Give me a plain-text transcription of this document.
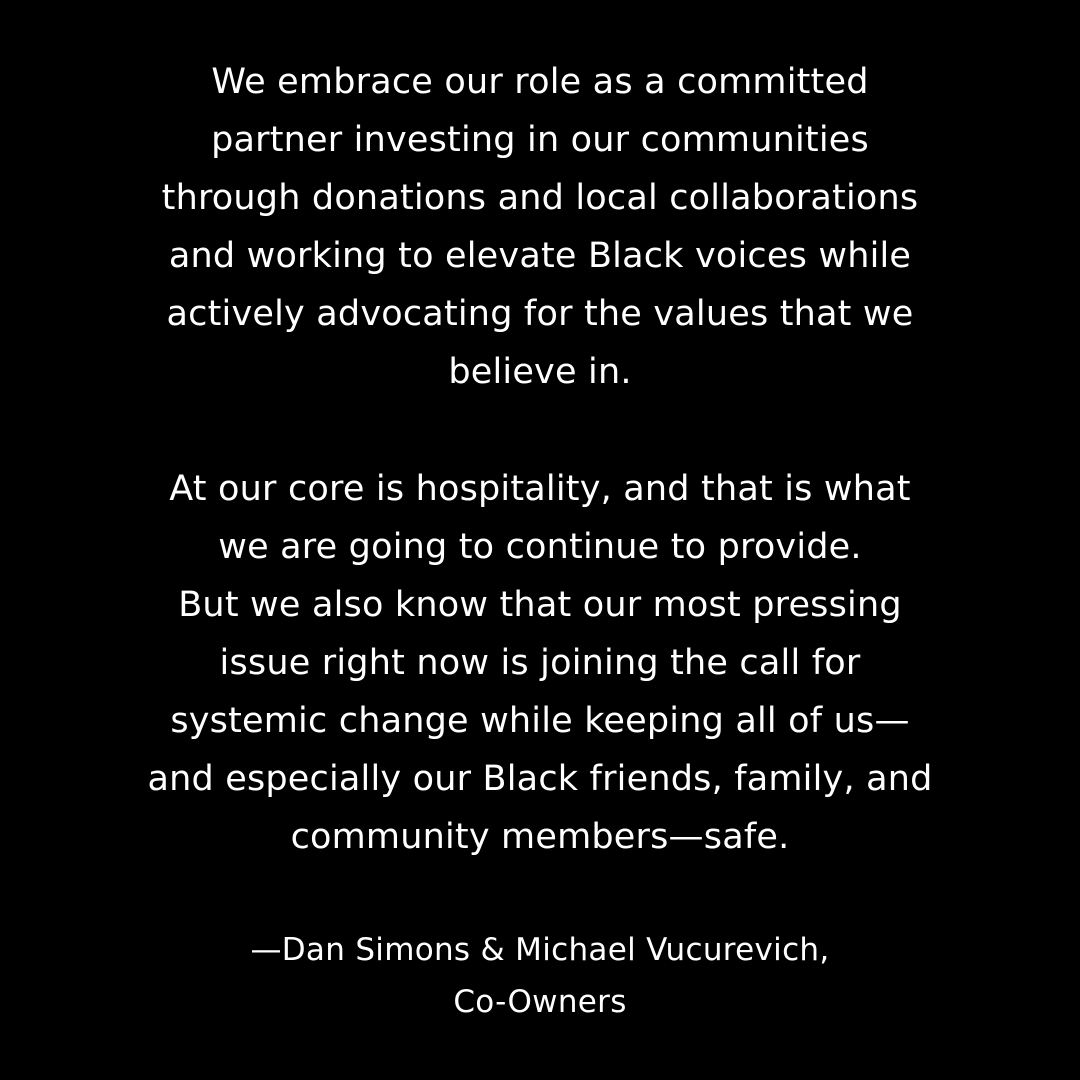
We embrace our role as a committed
partner investing in our communities
through donations and local collaborations
and working to elevate Black voices while
actively advocating for the values that we
believe in.
At our core is hospitality, and that is what
we are going to continue to provide.
But we also know that our most pressing
issue right now is joining the call for
systemic change while keeping all of us—
and especially our Black friends, family, and
community members—safe.
—Dan Simons & Michael Vucurevich,
Co-Owners
